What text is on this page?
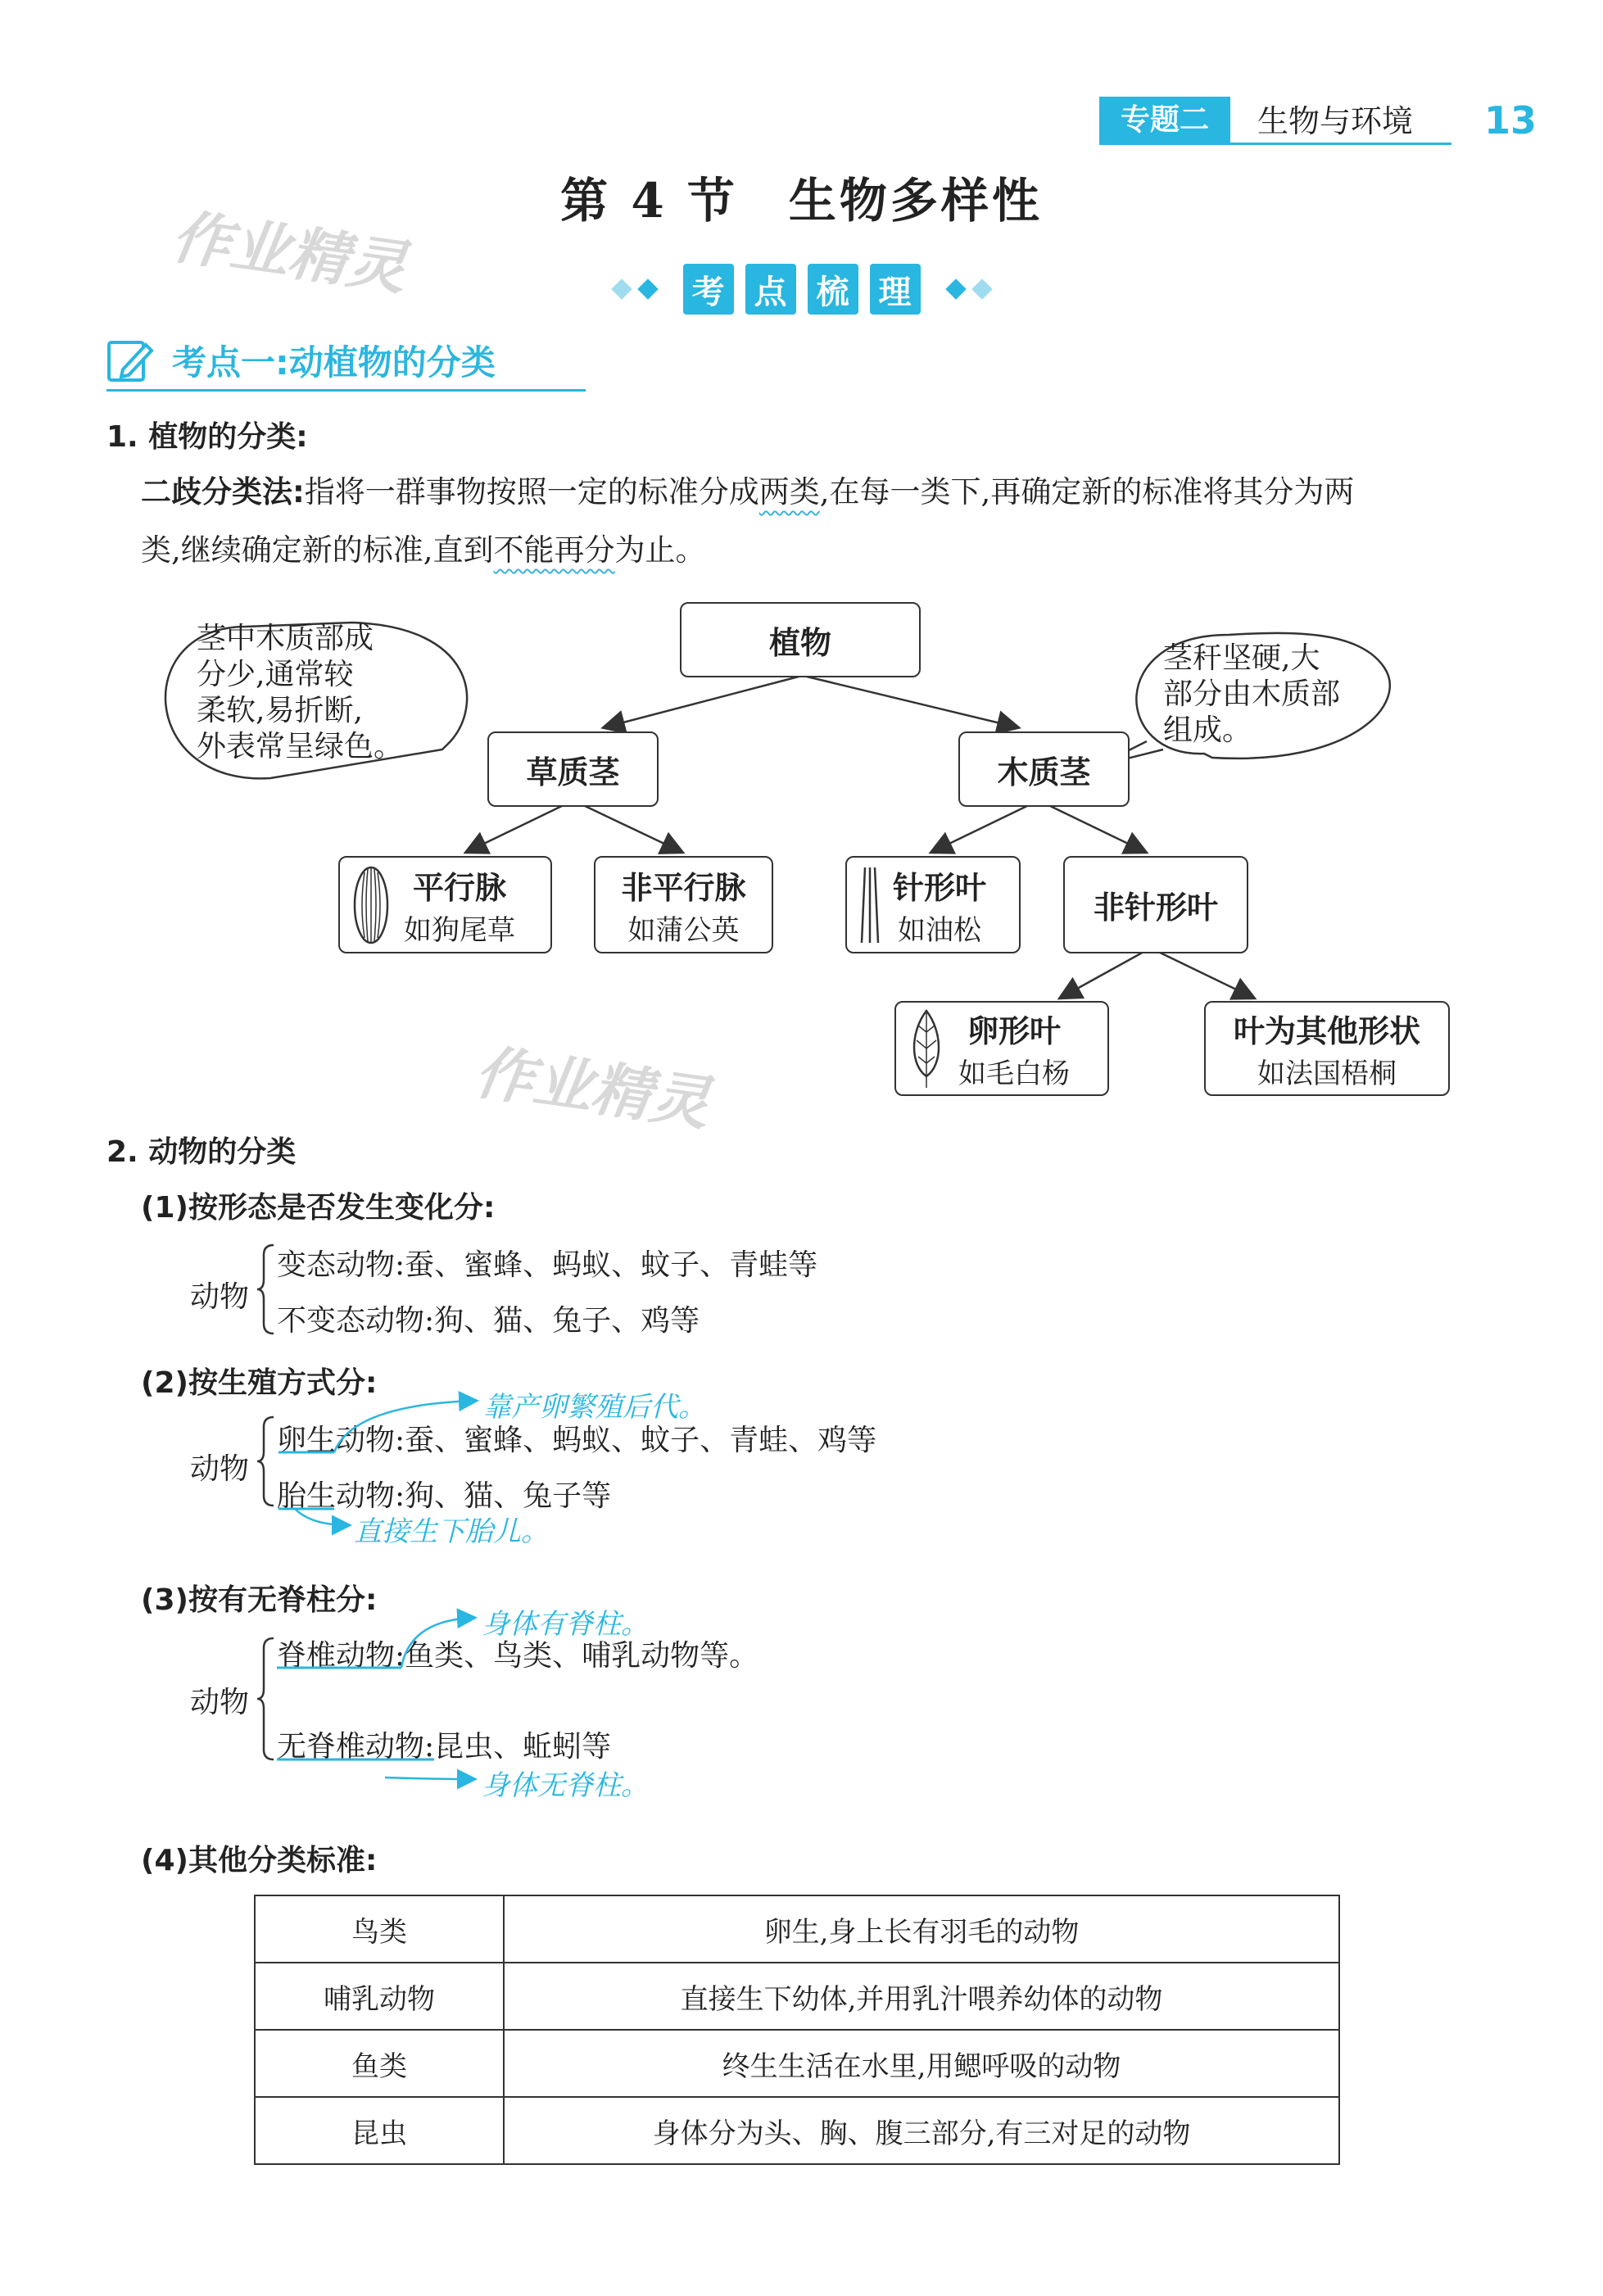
专题二	生物与环境 13
作业精灵
作业精灵
第 4 节　生物多样性
考 点 梳 理
考点一:动植物的分类
1. 植物的分类:
二歧分类法:指将一群事物按照一定的标准分成两类,在每一类下,再确定新的标准将其分为两
类,继续确定新的标准,直到不能再分为止。
茎中木质部成
分少,通常较
柔软,易折断,
外表常呈绿色。
茎秆坚硬,大
部分由木质部
组成。
植物
草质茎	木质茎
平行脉
如狗尾草
非平行脉
如蒲公英
针形叶
如油松
非针形叶
卵形叶
如毛白杨
叶为其他形状
如法国梧桐
2. 动物的分类
(1)按形态是否发生变化分:
动物
变态动物:蚕、蜜蜂、蚂蚁、蚊子、青蛙等
不变态动物:狗、猫、兔子、鸡等
(2)按生殖方式分:
靠产卵繁殖后代。
动物
卵生动物:蚕、蜜蜂、蚂蚁、蚊子、青蛙、鸡等
胎生动物:狗、猫、兔子等
直接生下胎儿。
(3)按有无脊柱分:
身体有脊柱。
动物
脊椎动物:鱼类、鸟类、哺乳动物等。
无脊椎动物:昆虫、蚯蚓等
身体无脊柱。
(4)其他分类标准:
鸟类	卵生,身上长有羽毛的动物
哺乳动物	直接生下幼体,并用乳汁喂养幼体的动物
鱼类	终生生活在水里,用鳃呼吸的动物
昆虫	身体分为头、胸、腹三部分,有三对足的动物
